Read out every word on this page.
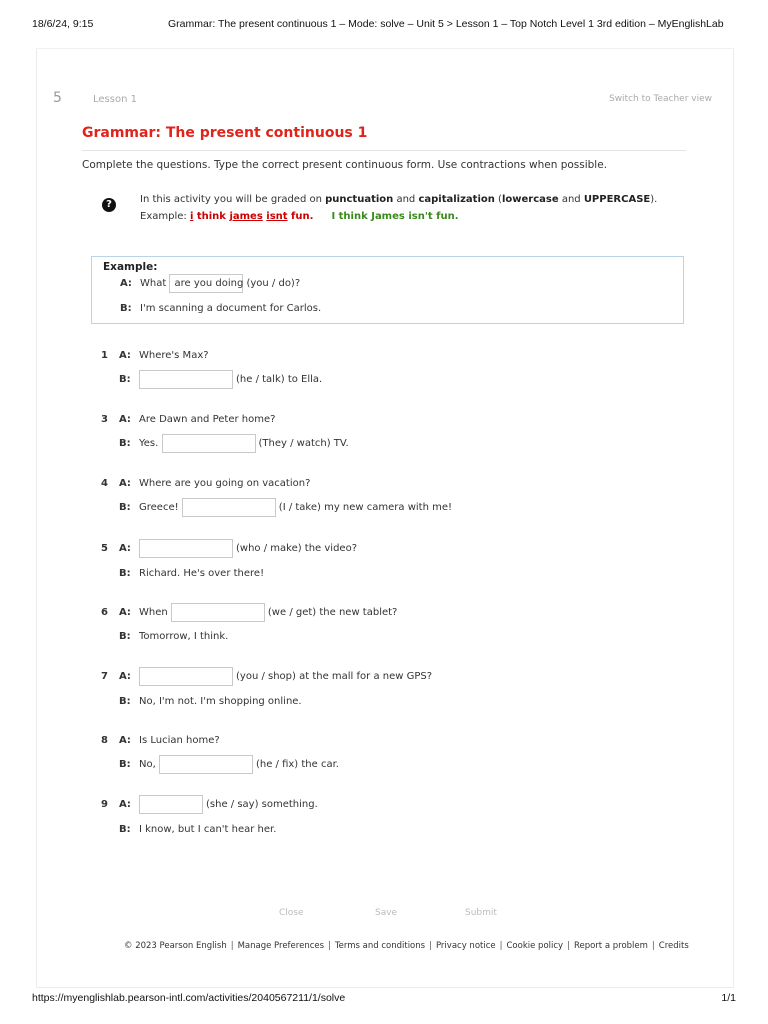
18/6/24, 9:15	Grammar: The present continuous 1 – Mode: solve – Unit 5 > Lesson 1 – Top Notch Level 1 3rd edition – MyEnglishLab
5	Lesson 1	Switch to Teacher view
Grammar: The present continuous 1
Complete the questions. Type the correct present continuous form. Use contractions when possible.
?	In this activity you will be graded on punctuation and capitalization (lowercase and UPPERCASE).
Example: i think james isnt fun. I think James isn't fun.
Example:
A: What are you doing (you / do)?
B: I'm scanning a document for Carlos.
1 A: Where's Max?
B:	(he / talk) to Ella.
3 A: Are Dawn and Peter home?
B: Yes.	(They / watch) TV.
4 A: Where are you going on vacation?
B: Greece!	(I / take) my new camera with me!
5 A:	(who / make) the video?
B: Richard. He's over there!
6 A: When	(we / get) the new tablet?
B: Tomorrow, I think.
7 A:	(you / shop) at the mall for a new GPS?
B: No, I'm not. I'm shopping online.
8 A: Is Lucian home?
B: No,	(he / fix) the car.
9 A:	(she / say) something.
B: I know, but I can't hear her.
Close	Save	Submit
© 2023 Pearson English | Manage Preferences | Terms and conditions | Privacy notice | Cookie policy | Report a problem | Credits
https://myenglishlab.pearson-intl.com/activities/2040567211/1/solve	1/1
